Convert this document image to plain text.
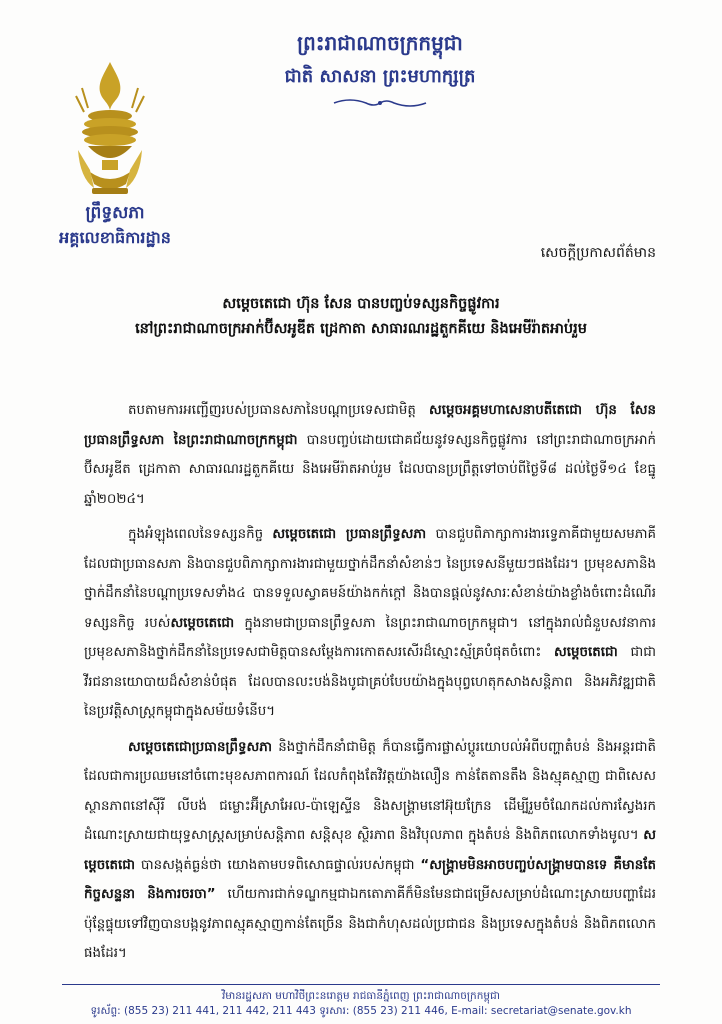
ព្រឹទ្ធសភា
អគ្គលេខាធិការដ្ឋាន
ព្រះរាជាណាចក្រកម្ពុជា
ជាតិ សាសនា ព្រះមហាក្សត្រ
សេចក្តីប្រកាសព័ត៌មាន
សម្តេចតេជោ ហ៊ុន សែន បានបញ្ចប់ទស្សនកិច្ចផ្លូវការ
នៅព្រះរាជាណាចក្រអាក់ប៊ីសអូឌីត ដ្រេកាតា សាធារណរដ្ឋតួកគីយេ និងអេមីរ៉ាតអាប់រួម

តបតាមការអញ្ជើញរបស់ប្រធានសភានៃបណ្តាប្រទេសជាមិត្ត សម្តេចអគ្គមហាសេនាបតីតេជោ ហ៊ុន សែន ប្រធានព្រឹទ្ធសភា នៃព្រះរាជាណាចក្រកម្ពុជា បានបញ្ចប់ដោយជោគជ័យនូវទស្សនកិច្ចផ្លូវការ នៅព្រះរាជាណាចក្រអាក់ប៊ីសអូឌីត ដ្រេកាតា សាធារណរដ្ឋតួកគីយេ និងអេមីរ៉ាតអាប់រួម ដែលបានប្រព្រឹត្តទៅចាប់ពីថ្ងៃទី៨ ដល់ថ្ងៃទី១៤ ខែធ្នូ ឆ្នាំ២០២៤។

ក្នុងអំឡុងពេលនៃទស្សនកិច្ច សម្តេចតេជោ ប្រធានព្រឹទ្ធសភា បានជួបពិភាក្សាការងារទ្វេភាគីជាមួយសមភាគីដែលជាប្រធានសភា និងបានជួបពិភាក្សាការងារជាមួយថ្នាក់ដឹកនាំសំខាន់ៗ នៃប្រទេសនីមួយៗផងដែរ។ ប្រមុខសភានិងថ្នាក់ដឹកនាំនៃបណ្តាប្រទេសទាំង៤ បានទទួលស្វាគមន៍យ៉ាងកក់ក្តៅ និងបានផ្តល់នូវសារៈសំខាន់យ៉ាងខ្លាំងចំពោះដំណើរទស្សនកិច្ច របស់សម្តេចតេជោ ក្នុងនាមជាប្រធានព្រឹទ្ធសភា នៃព្រះរាជាណាចក្រកម្ពុជា។ នៅក្នុងរាល់ជំនួបសវនាការ ប្រមុខសភានិងថ្នាក់ដឹកនាំនៃប្រទេសជាមិត្តបានសម្តែងការកោតសរសើរដ៏ស្មោះស្ម័គ្របំផុតចំពោះ សម្តេចតេជោ ជាជាវីរជនានយោបាយដ៏សំខាន់បំផុត ដែលបានលះបង់និងបូជាគ្រប់បែបយ៉ាងក្នុងបុព្វហេតុកសាងសន្តិភាព និងអភិវឌ្ឍជាតិ នៃប្រវត្តិសាស្ត្រកម្ពុជាក្នុងសម័យទំនើប។

សម្តេចតេជោប្រធានព្រឹទ្ធសភា និងថ្នាក់ដឹកនាំជាមិត្ត ក៏បានធ្វើការផ្លាស់ប្តូរយោបល់អំពីបញ្ហាតំបន់ និងអន្តរជាតិ ដែលជាការប្រឈមនៅចំពោះមុខសភាពការណ៍ ដែលកំពុងតែវិវត្តយ៉ាងលឿន កាន់តែតានតឹង និងស្មុគស្មាញ ជាពិសេសស្ថានភាពនៅស៊ីរី លីបង់ ជម្លោះអ៊ីស្រាអែល-ប៉ាឡេស្ទីន និងសង្គ្រាមនៅអ៊ុយក្រែន ដើម្បីរួមចំណែកដល់ការស្វែងរកដំណោះស្រាយជាយុទ្ធសាស្ត្រសម្រាប់សន្តិភាព សន្តិសុខ ស្ថិរភាព និងវិបុលភាព ក្នុងតំបន់ និងពិភពលោកទាំងមូល។ សម្តេចតេជោ បានសង្កត់ធ្ងន់ថា យោងតាមបទពិសោធផ្ទាល់របស់កម្ពុជា “សង្គ្រាមមិនអាចបញ្ចប់សង្គ្រាមបានទេ គឺមានតែកិច្ចសន្ទនា និងការចរចា” ហើយការជាក់ទណ្ឌកម្មជាឯកតោភាគីក៏មិនមែនជាជម្រើសសម្រាប់ដំណោះស្រាយបញ្ហាដែរ ប៉ុន្តែផ្ទុយទៅវិញបានបង្កនូវភាពស្មុគស្មាញកាន់តែច្រើន និងជាកំហុសដល់ប្រជាជន និងប្រទេសក្នុងតំបន់ និងពិភពលោកផងដែរ។

វិមានរដ្ឋសភា មហាវិថីព្រះនរោត្តម រាជធានីភ្នំពេញ ព្រះរាជាណាចក្រកម្ពុជា
ទូរស័ព្ទ: (855 23) 211 441, 211 442, 211 443 ទូរសារ: (855 23) 211 446, E-mail: secretariat@senate.gov.kh
